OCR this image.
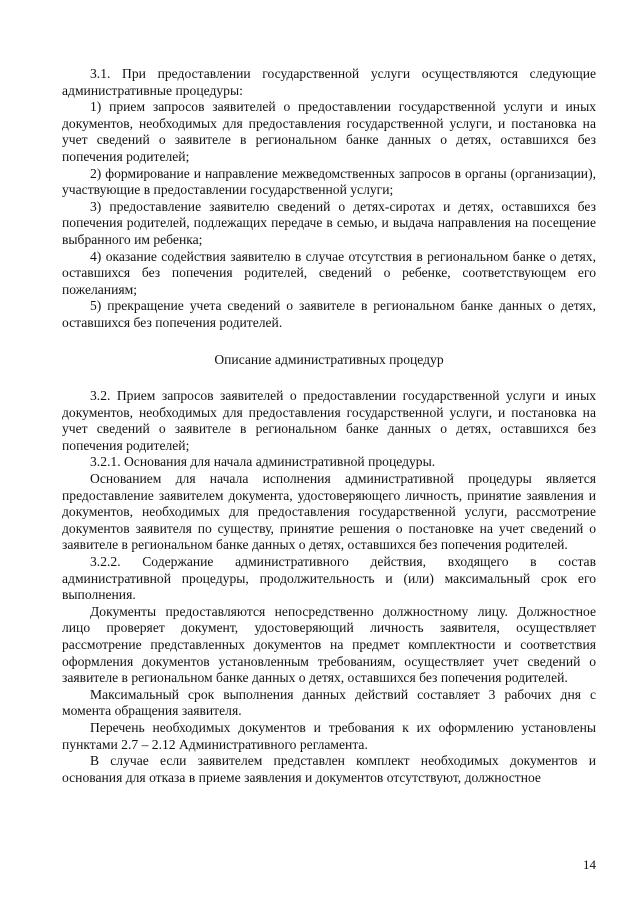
3.1. При предоставлении государственной услуги осуществляются следующие административные процедуры:

1) прием запросов заявителей о предоставлении государственной услуги и иных документов, необходимых для предоставления государственной услуги, и постановка на учет сведений о заявителе в региональном банке данных о детях, оставшихся без попечения родителей;

2) формирование и направление межведомственных запросов в органы (организации), участвующие в предоставлении государственной услуги;

3) предоставление заявителю сведений о детях-сиротах и детях, оставшихся без попечения родителей, подлежащих передаче в семью, и выдача направления на посещение выбранного им ребенка;

4) оказание содействия заявителю в случае отсутствия в региональном банке о детях, оставшихся без попечения родителей, сведений о ребенке, соответствующем его пожеланиям;

5) прекращение учета сведений о заявителе в региональном банке данных о детях, оставшихся без попечения родителей.

Описание административных процедур

3.2. Прием запросов заявителей о предоставлении государственной услуги и иных документов, необходимых для предоставления государственной услуги, и постановка на учет сведений о заявителе в региональном банке данных о детях, оставшихся без попечения родителей;

3.2.1. Основания для начала административной процедуры.

Основанием для начала исполнения административной процедуры является предоставление заявителем документа, удостоверяющего личность, принятие заявления и документов, необходимых для предоставления государственной услуги, рассмотрение документов заявителя по существу, принятие решения о постановке на учет сведений о заявителе в региональном банке данных о детях, оставшихся без попечения родителей.

3.2.2. Содержание административного действия, входящего в состав административной процедуры, продолжительность и (или) максимальный срок его выполнения.

Документы предоставляются непосредственно должностному лицу. Должностное лицо проверяет документ, удостоверяющий личность заявителя, осуществляет рассмотрение представленных документов на предмет комплектности и соответствия оформления документов установленным требованиям, осуществляет учет сведений о заявителе в региональном банке данных о детях, оставшихся без попечения родителей.

Максимальный срок выполнения данных действий составляет 3 рабочих дня с момента обращения заявителя.

Перечень необходимых документов и требования к их оформлению установлены пунктами 2.7 – 2.12 Административного регламента.

В случае если заявителем представлен комплект необходимых документов и основания для отказа в приеме заявления и документов отсутствуют, должностное

14
